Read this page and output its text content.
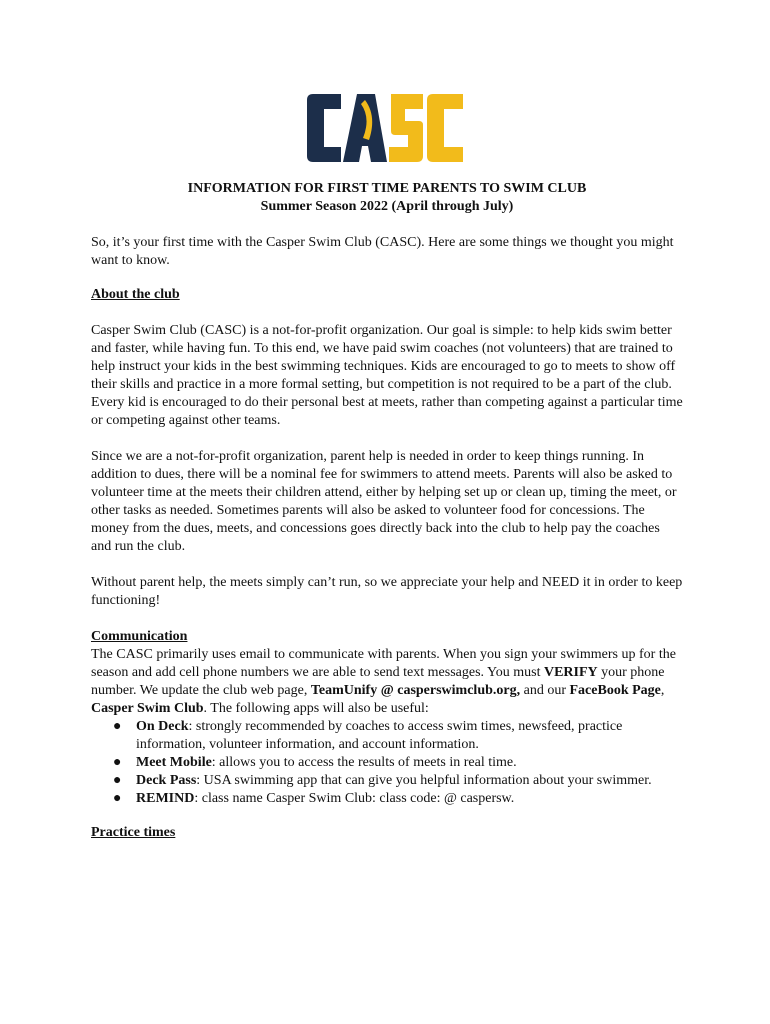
INFORMATION FOR FIRST TIME PARENTS TO SWIM CLUB

Summer Season 2022 (April through July)

So, it’s your first time with the Casper Swim Club (CASC). Here are some things we thought you might want to know.

About the club

Casper Swim Club (CASC) is a not-for-profit organization. Our goal is simple: to help kids swim better and faster, while having fun. To this end, we have paid swim coaches (not volunteers) that are trained to help instruct your kids in the best swimming techniques. Kids are encouraged to go to meets to show off their skills and practice in a more formal setting, but competition is not required to be a part of the club. Every kid is encouraged to do their personal best at meets, rather than competing against a particular time or competing against other teams.

Since we are a not-for-profit organization, parent help is needed in order to keep things running. In addition to dues, there will be a nominal fee for swimmers to attend meets. Parents will also be asked to volunteer time at the meets their children attend, either by helping set up or clean up, timing the meet, or other tasks as needed. Sometimes parents will also be asked to volunteer food for concessions. The money from the dues, meets, and concessions goes directly back into the club to help pay the coaches and run the club.

Without parent help, the meets simply can’t run, so we appreciate your help and NEED it in order to keep functioning!

Communication

The CASC primarily uses email to communicate with parents. When you sign your swimmers up for the season and add cell phone numbers we are able to send text messages. You must VERIFY your phone number. We update the club web page, TeamUnify @ casperswimclub.org, and our FaceBook Page, Casper Swim Club. The following apps will also be useful:

● On Deck: strongly recommended by coaches to access swim times, newsfeed, practice information, volunteer information, and account information.
● Meet Mobile: allows you to access the results of meets in real time.
● Deck Pass: USA swimming app that can give you helpful information about your swimmer.
● REMIND: class name Casper Swim Club: class code: @ caspersw.

Practice times
